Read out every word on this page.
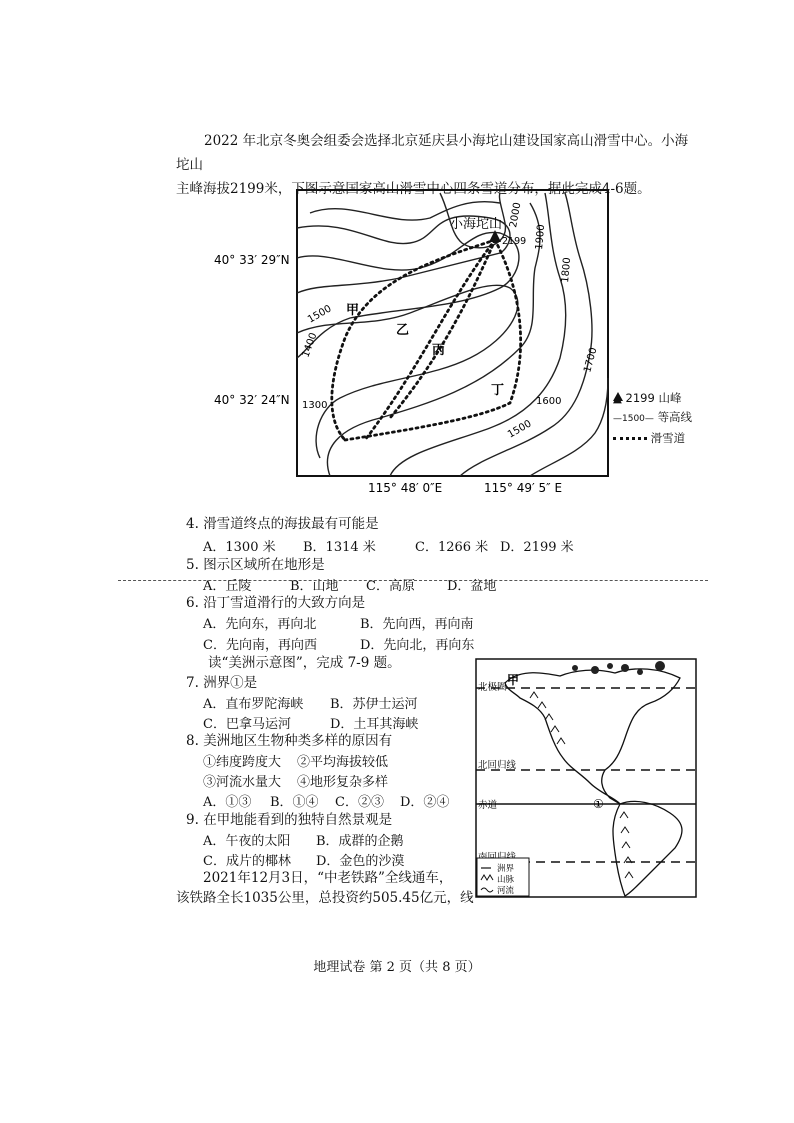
2022 年北京冬奥会组委会选择北京延庆县小海坨山建设国家高山滑雪中心。小海坨山
主峰海拔2199米，下图示意国家高山滑雪中心四条雪道分布，据此完成4-6题。
小海坨山
2199
2000
1900
1800
1700
1600
1500
1500
1400
1300
甲
乙
丙
丁
40° 33′ 29″N
40° 32′ 24″N
115° 48′ 0″E	115° 49′ 5″ E
▲ 2199 山峰
—1500— 等高线
滑雪道
4. 滑雪道终点的海拔最有可能是
A．1300 米 B．1314 米	C．1266 米 D．2199 米
5. 图示区域所在地形是
A．丘陵	B．山地 C．高原 D．盆地
6. 沿丁雪道滑行的大致方向是
A．先向东，再向北	B．先向西，再向南
C．先向南，再向西	D．先向北，再向东
读“美洲示意图”，完成 7-9 题。
7. 洲界①是
A．直布罗陀海峡 B．苏伊士运河
C．巴拿马运河	D．土耳其海峡
8. 美洲地区生物种类多样的原因有
①纬度跨度大 ②平均海拔较低
③河流水量大 ④地形复杂多样
A．①③ B．①④ C．②③ D．②④
9. 在甲地能看到的独特自然景观是
A．午夜的太阳 B．成群的企鹅
C．成片的椰林 D．金色的沙漠
2021年12月3日，“中老铁路”全线通车，
该铁路全长1035公里，总投资约505.45亿元，线
北极圈
北回归线
赤道
甲
①
洲界
山脉
河流
地理试卷 第 2 页（共 8 页）
